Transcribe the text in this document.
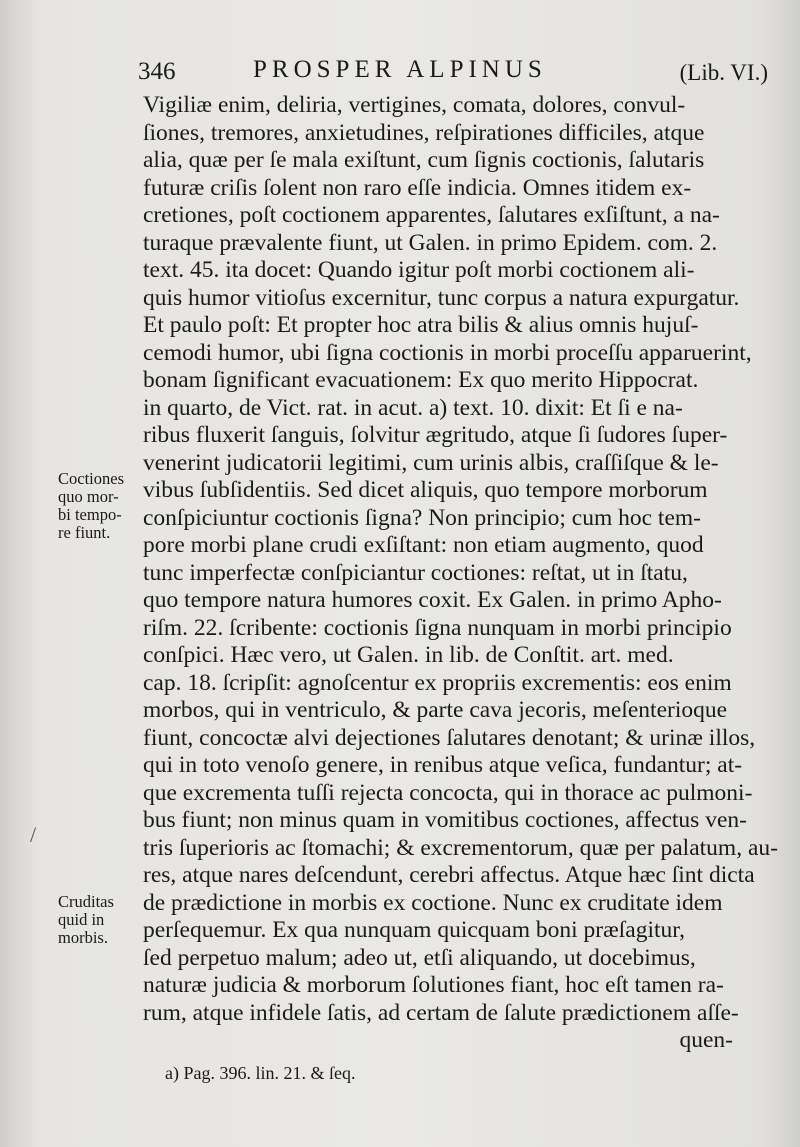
346	PROSPER ALPINUS	(Lib. VI.)
Vigiliæ enim, deliria, vertigines, comata, dolores, convul-
ſiones, tremores, anxietudines, reſpirationes difficiles, atque
alia, quæ per ſe mala exiſtunt, cum ſignis coctionis, ſalutaris
futuræ criſis ſolent non raro eſſe indicia. Omnes itidem ex-
cretiones, poſt coctionem apparentes, ſalutares exſiſtunt, a na-
turaque prævalente fiunt, ut Galen. in primo Epidem. com. 2.
text. 45. ita docet: Quando igitur poſt morbi coctionem ali-
quis humor vitioſus excernitur, tunc corpus a natura expurgatur.
Et paulo poſt: Et propter hoc atra bilis & alius omnis hujuſ-
cemodi humor, ubi ſigna coctionis in morbi proceſſu apparuerint,
bonam ſignificant evacuationem: Ex quo merito Hippocrat.
in quarto, de Vict. rat. in acut. a) text. 10. dixit: Et ſi e na-
ribus fluxerit ſanguis, ſolvitur ægritudo, atque ſi ſudores ſuper-
venerint judicatorii legitimi, cum urinis albis, craſſiſque & le-
vibus ſubſidentiis. Sed dicet aliquis, quo tempore morborum
conſpiciuntur coctionis ſigna? Non principio; cum hoc tem-
pore morbi plane crudi exſiſtant: non etiam augmento, quod
tunc imperfectæ conſpiciantur coctiones: reſtat, ut in ſtatu,
quo tempore natura humores coxit. Ex Galen. in primo Apho-
riſm. 22. ſcribente: coctionis ſigna nunquam in morbi principio
conſpici. Hæc vero, ut Galen. in lib. de Conſtit. art. med.
cap. 18. ſcripſit: agnoſcentur ex propriis excrementis: eos enim
morbos, qui in ventriculo, & parte cava jecoris, meſenterioque
fiunt, concoctæ alvi dejectiones ſalutares denotant; & urinæ illos,
qui in toto venoſo genere, in renibus atque veſica, fundantur; at-
que excrementa tuſſi rejecta concocta, qui in thorace ac pulmoni-
bus fiunt; non minus quam in vomitibus coctiones, affectus ven-
tris ſuperioris ac ſtomachi; & excrementorum, quæ per palatum, au-
res, atque nares deſcendunt, cerebri affectus. Atque hæc ſint dicta
de prædictione in morbis ex coctione. Nunc ex cruditate idem
perſequemur. Ex qua nunquam quicquam boni præſagitur,
ſed perpetuo malum; adeo ut, etſi aliquando, ut docebimus,
naturæ judicia & morborum ſolutiones fiant, hoc eſt tamen ra-
rum, atque infidele ſatis, ad certam de ſalute prædictionem aſſe-
quen-
Coctiones
quo mor-
bi tempo-
re fiunt.
Cruditas
quid in
morbis.
/
a) Pag. 396. lin. 21. & ſeq.
